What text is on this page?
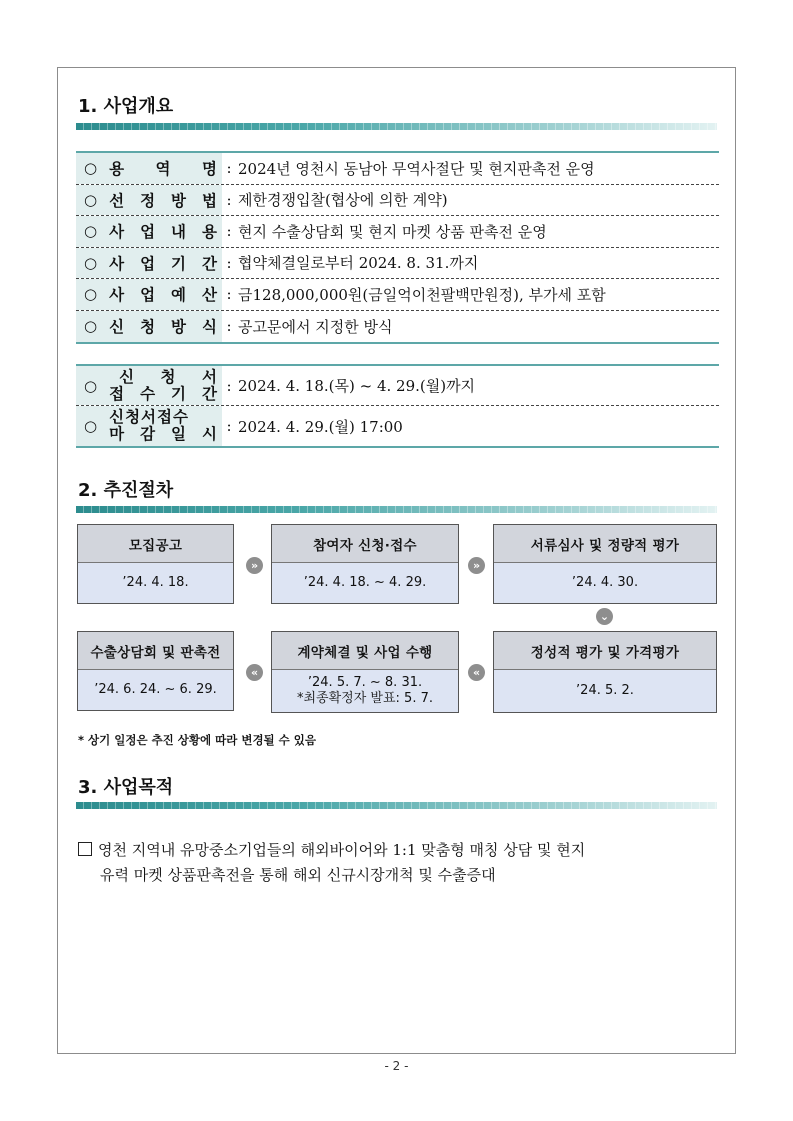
1. 사업개요
○ 용 역 명 : 2024년 영천시 동남아 무역사절단 및 현지판촉전 운영
○ 선 정 방 법 : 제한경쟁입찰(협상에 의한 계약)
○ 사 업 내 용 : 현지 수출상담회 및 현지 마켓 상품 판촉전 운영
○ 사 업 기 간 : 협약체결일로부터 2024. 8. 31.까지
○ 사 업 예 산 : 금128,000,000원(금일억이천팔백만원정), 부가세 포함
○ 신 청 방 식 : 공고문에서 지정한 방식
○	신 청 서
접 수 기 간 : 2024. 4. 18.(목) ~ 4. 29.(월)까지
○ 신청서접수
마 감 일 시 : 2024. 4. 29.(월) 17:00
2. 추진절차
모집공고
’24. 4. 18.
»
참여자 신청·접수
’24. 4. 18. ~ 4. 29.
»
서류심사 및 정량적 평가
’24. 4. 30.
⌄
수출상담회 및 판촉전
’24. 6. 24. ~ 6. 29.
«
계약체결 및 사업 수행
’24. 5. 7. ~ 8. 31.
*최종확정자 발표: 5. 7.
«
정성적 평가 및 가격평가
’24. 5. 2.
* 상기 일정은 추진 상황에 따라 변경될 수 있음
3. 사업목적
영천 지역내 유망중소기업들의 해외바이어와 1:1 맞춤형 매칭 상담 및 현지
유력 마켓 상품판촉전을 통해 해외 신규시장개척 및 수출증대
- 2 -
